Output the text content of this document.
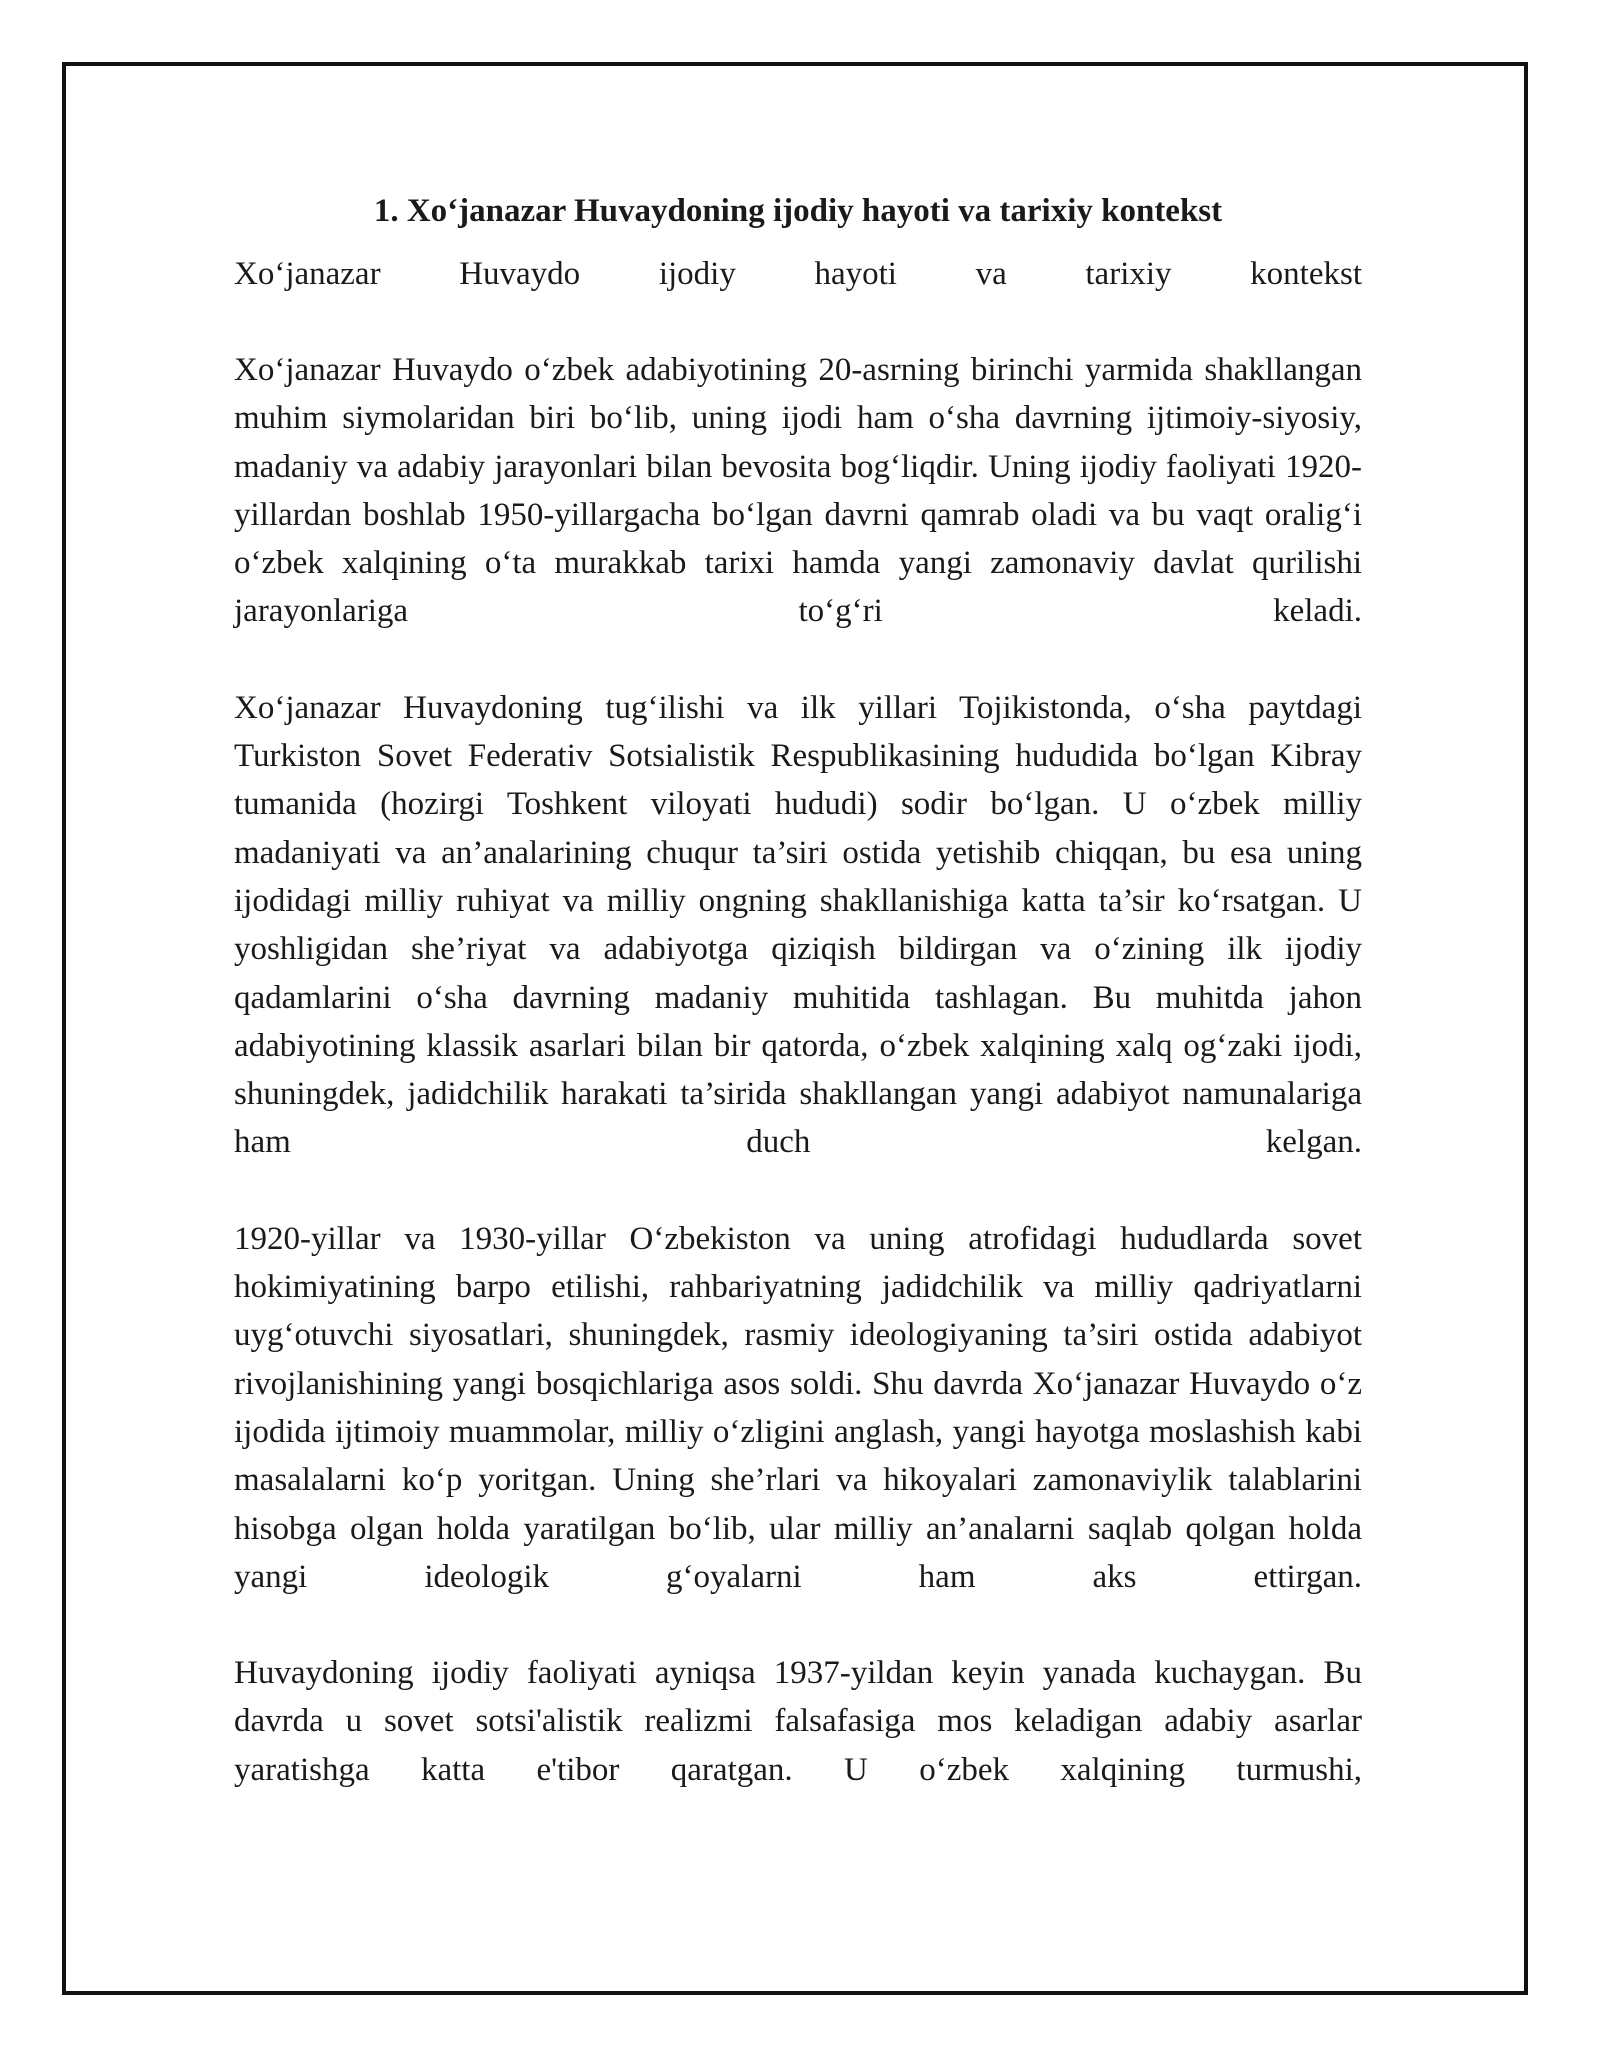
1. Xo‘janazar Huvaydoning ijodiy hayoti va tarixiy kontekst

Xo‘janazar Huvaydo ijodiy hayoti va tarixiy kontekst

Xo‘janazar Huvaydo o‘zbek adabiyotining 20-asrning birinchi yarmida shakllangan muhim siymolaridan biri bo‘lib, uning ijodi ham o‘sha davrning ijtimoiy-siyosiy, madaniy va adabiy jarayonlari bilan bevosita bog‘liqdir. Uning ijodiy faoliyati 1920-yillardan boshlab 1950-yillargacha bo‘lgan davrni qamrab oladi va bu vaqt oralig‘i o‘zbek xalqining o‘ta murakkab tarixi hamda yangi zamonaviy davlat qurilishi jarayonlariga to‘g‘ri keladi.

Xo‘janazar Huvaydoning tug‘ilishi va ilk yillari Tojikistonda, o‘sha paytdagi Turkiston Sovet Federativ Sotsialistik Respublikasining hududida bo‘lgan Kibray tumanida (hozirgi Toshkent viloyati hududi) sodir bo‘lgan. U o‘zbek milliy madaniyati va an’analarining chuqur ta’siri ostida yetishib chiqqan, bu esa uning ijodidagi milliy ruhiyat va milliy ongning shakllanishiga katta ta’sir ko‘rsatgan. U yoshligidan she’riyat va adabiyotga qiziqish bildirgan va o‘zining ilk ijodiy qadamlarini o‘sha davrning madaniy muhitida tashlagan. Bu muhitda jahon adabiyotining klassik asarlari bilan bir qatorda, o‘zbek xalqining xalq og‘zaki ijodi, shuningdek, jadidchilik harakati ta’sirida shakllangan yangi adabiyot namunalariga ham duch kelgan.

1920-yillar va 1930-yillar O‘zbekiston va uning atrofidagi hududlarda sovet hokimiyatining barpo etilishi, rahbariyatning jadidchilik va milliy qadriyatlarni uyg‘otuvchi siyosatlari, shuningdek, rasmiy ideologiyaning ta’siri ostida adabiyot rivojlanishining yangi bosqichlariga asos soldi. Shu davrda Xo‘janazar Huvaydo o‘z ijodida ijtimoiy muammolar, milliy o‘zligini anglash, yangi hayotga moslashish kabi masalalarni ko‘p yoritgan. Uning she’rlari va hikoyalari zamonaviylik talablarini hisobga olgan holda yaratilgan bo‘lib, ular milliy an’analarni saqlab qolgan holda yangi ideologik g‘oyalarni ham aks ettirgan.

Huvaydoning ijodiy faoliyati ayniqsa 1937-yildan keyin yanada kuchaygan. Bu davrda u sovet sotsi'alistik realizmi falsafasiga mos keladigan adabiy asarlar yaratishga katta e'tibor qaratgan. U o‘zbek xalqining turmushi,
